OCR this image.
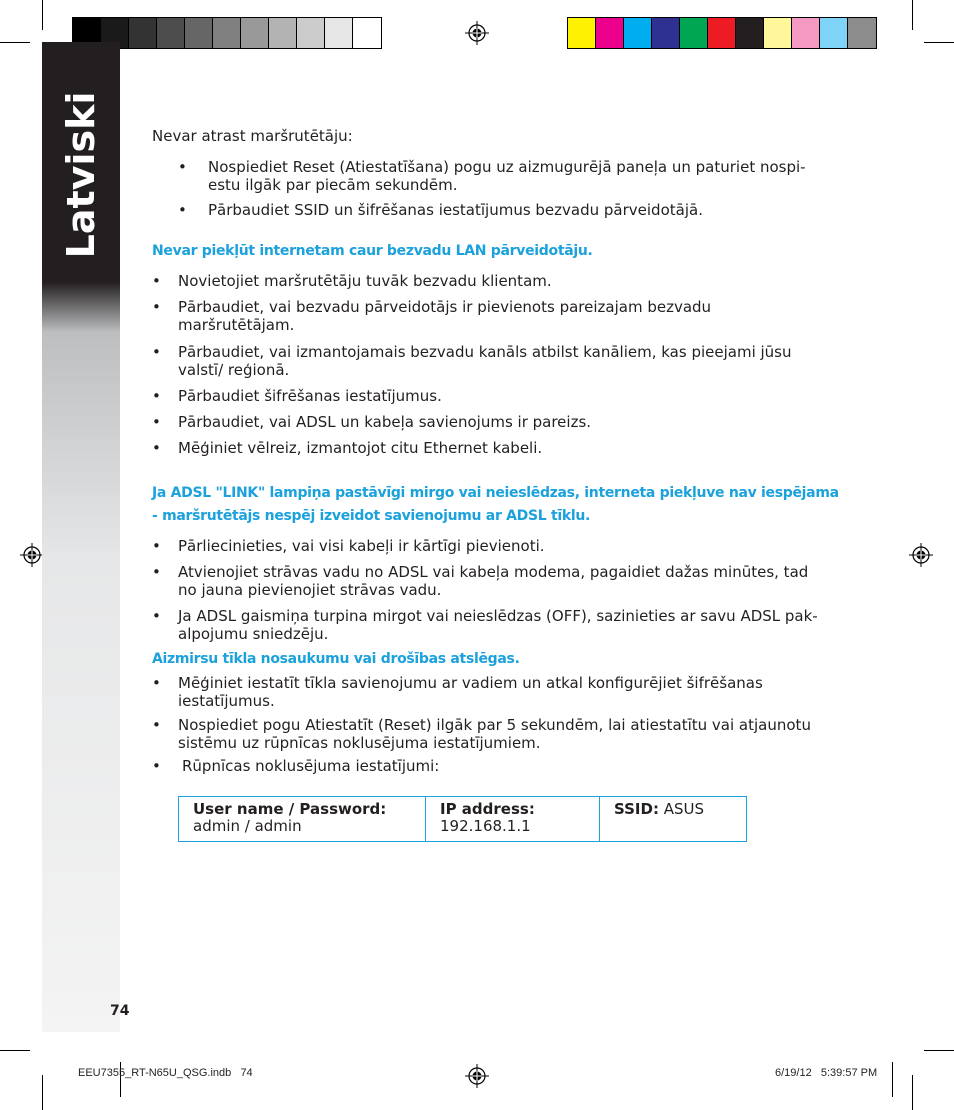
Latviski
74
Nevar atrast maršrutētāju:
• Nospiediet Reset (Atiestatīšana) pogu uz aizmugurējā paneļa un paturiet nospi-
estu ilgāk par piecām sekundēm.
• Pārbaudiet SSID un šifrēšanas iestatījumus bezvadu pārveidotājā.
Nevar piekļūt internetam caur bezvadu LAN pārveidotāju.
• Novietojiet maršrutētāju tuvāk bezvadu klientam.
• Pārbaudiet, vai bezvadu pārveidotājs ir pievienots pareizajam bezvadu
maršrutētājam.
• Pārbaudiet, vai izmantojamais bezvadu kanāls atbilst kanāliem, kas pieejami jūsu
valstī/ reģionā.
• Pārbaudiet šifrēšanas iestatījumus.
• Pārbaudiet, vai ADSL un kabeļa savienojums ir pareizs.
• Mēģiniet vēlreiz, izmantojot citu Ethernet kabeli.
Ja ADSL "LINK" lampiņa pastāvīgi mirgo vai neieslēdzas, interneta piekļuve nav iespējama
- maršrutētājs nespēj izveidot savienojumu ar ADSL tīklu.
• Pārliecinieties, vai visi kabeļi ir kārtīgi pievienoti.
• Atvienojiet strāvas vadu no ADSL vai kabeļa modema, pagaidiet dažas minūtes, tad
no jauna pievienojiet strāvas vadu.
• Ja ADSL gaismiņa turpina mirgot vai neieslēdzas (OFF), sazinieties ar savu ADSL pak-
alpojumu sniedzēju.
Aizmirsu tīkla nosaukumu vai drošības atslēgas.
• Mēģiniet iestatīt tīkla savienojumu ar vadiem un atkal konfigurējiet šifrēšanas
iestatījumus.
• Nospiediet pogu Atiestatīt (Reset) ilgāk par 5 sekundēm, lai atiestatītu vai atjaunotu
sistēmu uz rūpnīcas noklusējuma iestatījumiem.
• Rūpnīcas noklusējuma iestatījumi:
User name / Password:
admin / admin
IP address:
192.168.1.1
SSID: ASUS
EEU7355_RT-N65U_QSG.indb   74	6/19/12   5:39:57 PM
